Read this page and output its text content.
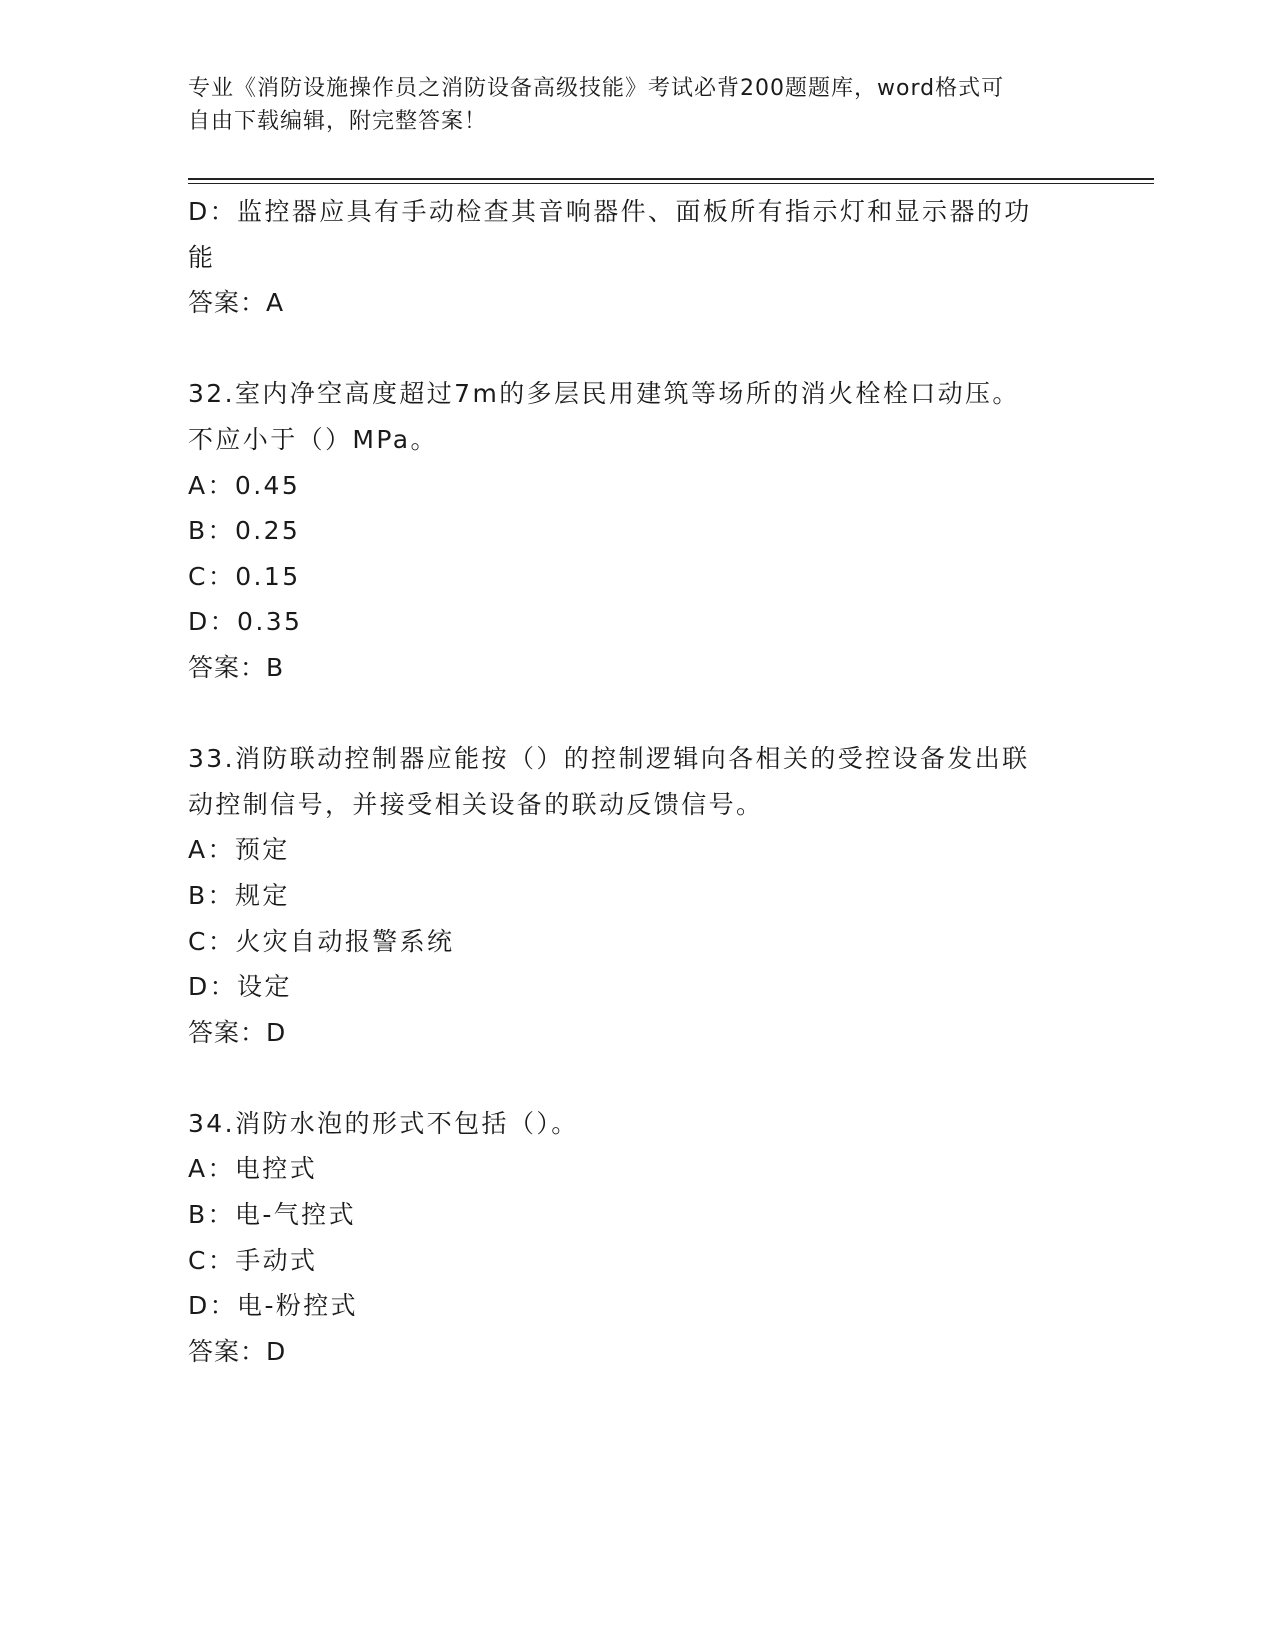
专业《消防设施操作员之消防设备高级技能》考试必背200题题库，word格式可
自由下载编辑，附完整答案！
D：监控器应具有手动检查其音响器件、面板所有指示灯和显示器的功
能
答案：A
32.室内净空高度超过7m的多层民用建筑等场所的消火栓栓口动压。
不应小于（）MPa。
A：0.45
B：0.25
C：0.15
D：0.35
答案：B
33.消防联动控制器应能按（）的控制逻辑向各相关的受控设备发出联
动控制信号，并接受相关设备的联动反馈信号。
A：预定
B：规定
C：火灾自动报警系统
D：设定
答案：D
34.消防水泡的形式不包括（）。
A：电控式
B：电-气控式
C：手动式
D：电-粉控式
答案：D
